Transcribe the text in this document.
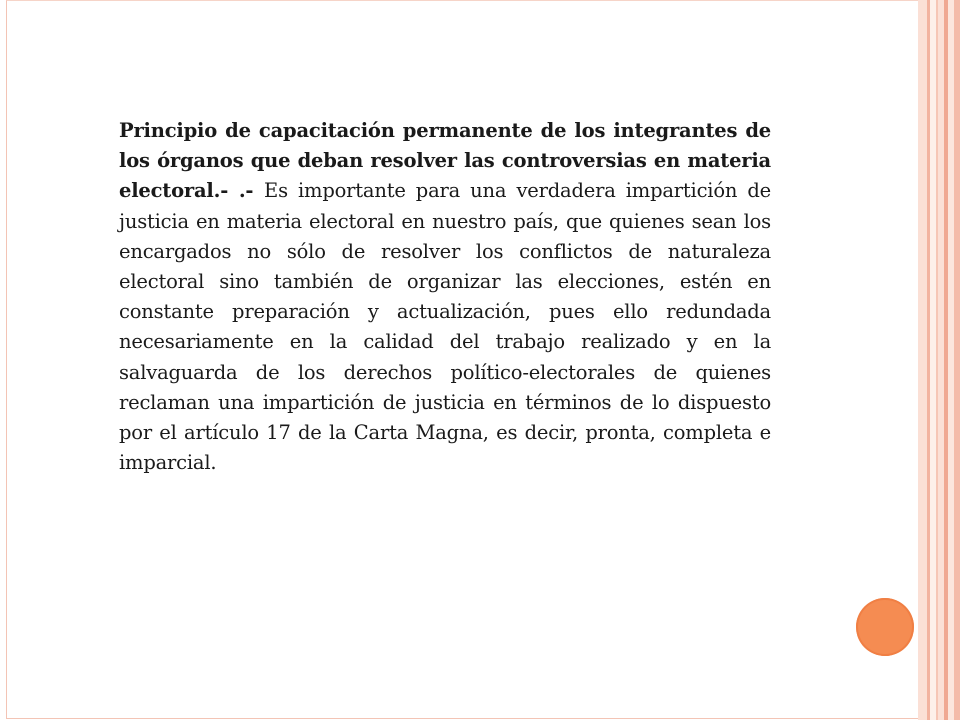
Principio de capacitación permanente de los integrantes de los órganos que deban resolver las controversias en materia electoral.- .- Es importante para una verdadera impartición de justicia en materia electoral en nuestro país, que quienes sean los encargados no sólo de resolver los conflictos de naturaleza electoral sino también de organizar las elecciones, estén en constante preparación y actualización, pues ello redundada necesariamente en la calidad del trabajo realizado y en la salvaguarda de los derechos político-electorales de quienes reclaman una impartición de justicia en términos de lo dispuesto por el artículo 17 de la Carta Magna, es decir, pronta, completa e imparcial.
